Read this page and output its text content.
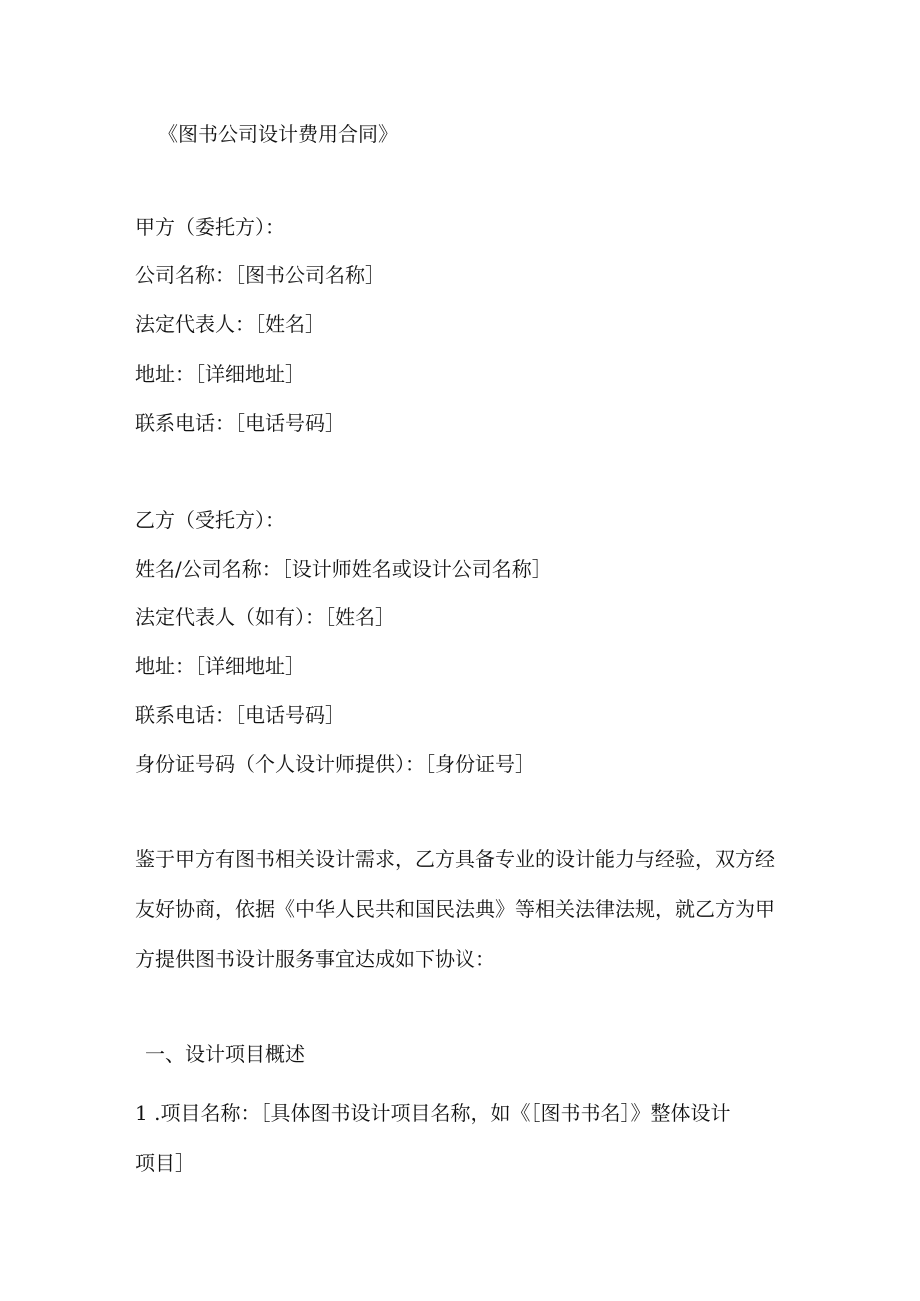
《图书公司设计费用合同》
甲方（委托方）：
公司名称：［图书公司名称］
法定代表人：［姓名］
地址：［详细地址］
联系电话：［电话号码］
乙方（受托方）：
姓名/公司名称：［设计师姓名或设计公司名称］
法定代表人（如有）：［姓名］
地址：［详细地址］
联系电话：［电话号码］
身份证号码（个人设计师提供）：［身份证号］
鉴于甲方有图书相关设计需求，乙方具备专业的设计能力与经验，双方经
友好协商，依据《中华人民共和国民法典》等相关法律法规，就乙方为甲
方提供图书设计服务事宜达成如下协议：
一、设计项目概述
1 .项目名称：［具体图书设计项目名称，如《［图书书名］》整体设计
项目］
